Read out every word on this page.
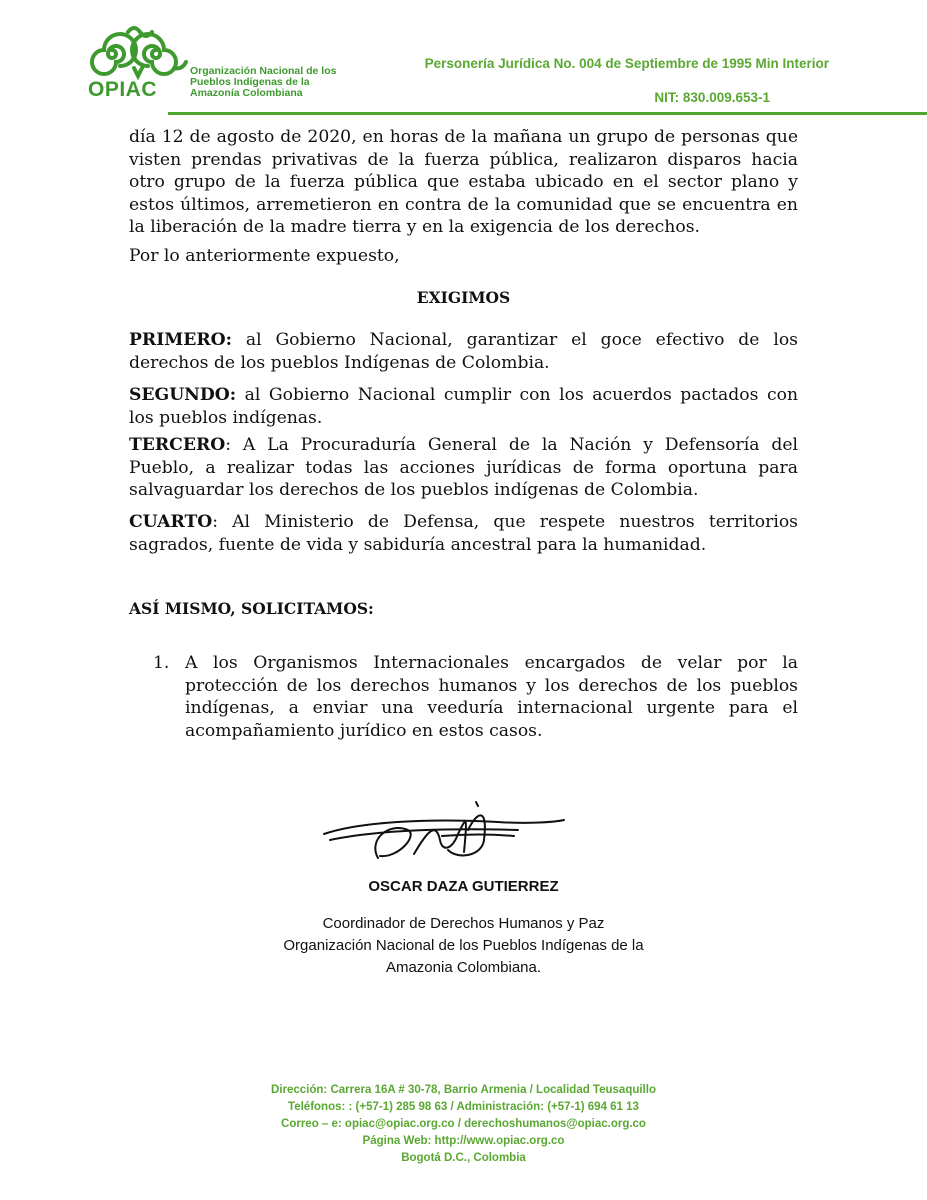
OPIAC
Organización Nacional de los
Pueblos Indígenas de la
Amazonía Colombiana
Personería Jurídica No. 004 de Septiembre de 1995 Min Interior
NIT: 830.009.653-1
día 12 de agosto de 2020, en horas de la mañana un grupo de personas que visten prendas privativas de la fuerza pública, realizaron disparos hacia otro grupo de la fuerza pública que estaba ubicado en el sector plano y estos últimos, arremetieron en contra de la comunidad que se encuentra en la liberación de la madre tierra y en la exigencia de los derechos.
Por lo anteriormente expuesto,
EXIGIMOS
PRIMERO: al Gobierno Nacional, garantizar el goce efectivo de los derechos de los pueblos Indígenas de Colombia.
SEGUNDO: al Gobierno Nacional cumplir con los acuerdos pactados con los pueblos indígenas.
TERCERO: A La Procuraduría General de la Nación y Defensoría del Pueblo, a realizar todas las acciones jurídicas de forma oportuna para salvaguardar los derechos de los pueblos indígenas de Colombia.
CUARTO: Al Ministerio de Defensa, que respete nuestros territorios sagrados, fuente de vida y sabiduría ancestral para la humanidad.
ASÍ MISMO, SOLICITAMOS:
1. A los Organismos Internacionales encargados de velar por la protección de los derechos humanos y los derechos de los pueblos indígenas, a enviar una veeduría internacional urgente para el acompañamiento jurídico en estos casos.
OSCAR DAZA GUTIERREZ
Coordinador de Derechos Humanos y Paz
Organización Nacional de los Pueblos Indígenas de la
Amazonia Colombiana.
Dirección: Carrera 16A # 30-78, Barrio Armenia / Localidad Teusaquillo
Teléfonos: : (+57-1) 285 98 63 / Administración: (+57-1) 694 61 13
Correo – e: opiac@opiac.org.co / derechoshumanos@opiac.org.co
Página Web: http://www.opiac.org.co
Bogotá D.C., Colombia
